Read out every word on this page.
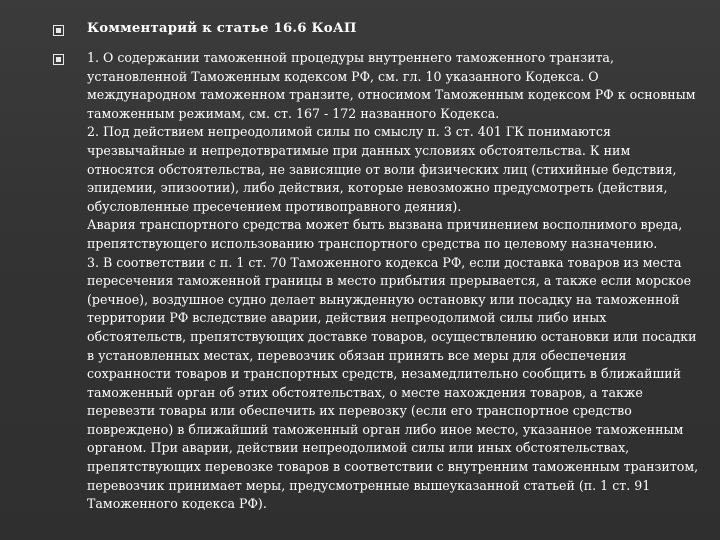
Комментарий к статье 16.6 КоАП

1. О содержании таможенной процедуры внутреннего таможенного транзита, установленной Таможенным кодексом РФ, см. гл. 10 указанного Кодекса. О международном таможенном транзите, относимом Таможенным кодексом РФ к основным таможенным режимам, см. ст. 167 - 172 названного Кодекса.

2. Под действием непреодолимой силы по смыслу п. 3 ст. 401 ГК понимаются чрезвычайные и непредотвратимые при данных условиях обстоятельства. К ним относятся обстоятельства, не зависящие от воли физических лиц (стихийные бедствия, эпидемии, эпизоотии), либо действия, которые невозможно предусмотреть (действия, обусловленные пресечением противоправного деяния).

Авария транспортного средства может быть вызвана причинением восполнимого вреда, препятствующего использованию транспортного средства по целевому назначению.

3. В соответствии с п. 1 ст. 70 Таможенного кодекса РФ, если доставка товаров из места пересечения таможенной границы в место прибытия прерывается, а также если морское (речное), воздушное судно делает вынужденную остановку или посадку на таможенной территории РФ вследствие аварии, действия непреодолимой силы либо иных обстоятельств, препятствующих доставке товаров, осуществлению остановки или посадки в установленных местах, перевозчик обязан принять все меры для обеспечения сохранности товаров и транспортных средств, незамедлительно сообщить в ближайший таможенный орган об этих обстоятельствах, о месте нахождения товаров, а также перевезти товары или обеспечить их перевозку (если его транспортное средство повреждено) в ближайший таможенный орган либо иное место, указанное таможенным органом. При аварии, действии непреодолимой силы или иных обстоятельствах, препятствующих перевозке товаров в соответствии с внутренним таможенным транзитом, перевозчик принимает меры, предусмотренные вышеуказанной статьей (п. 1 ст. 91 Таможенного кодекса РФ).
